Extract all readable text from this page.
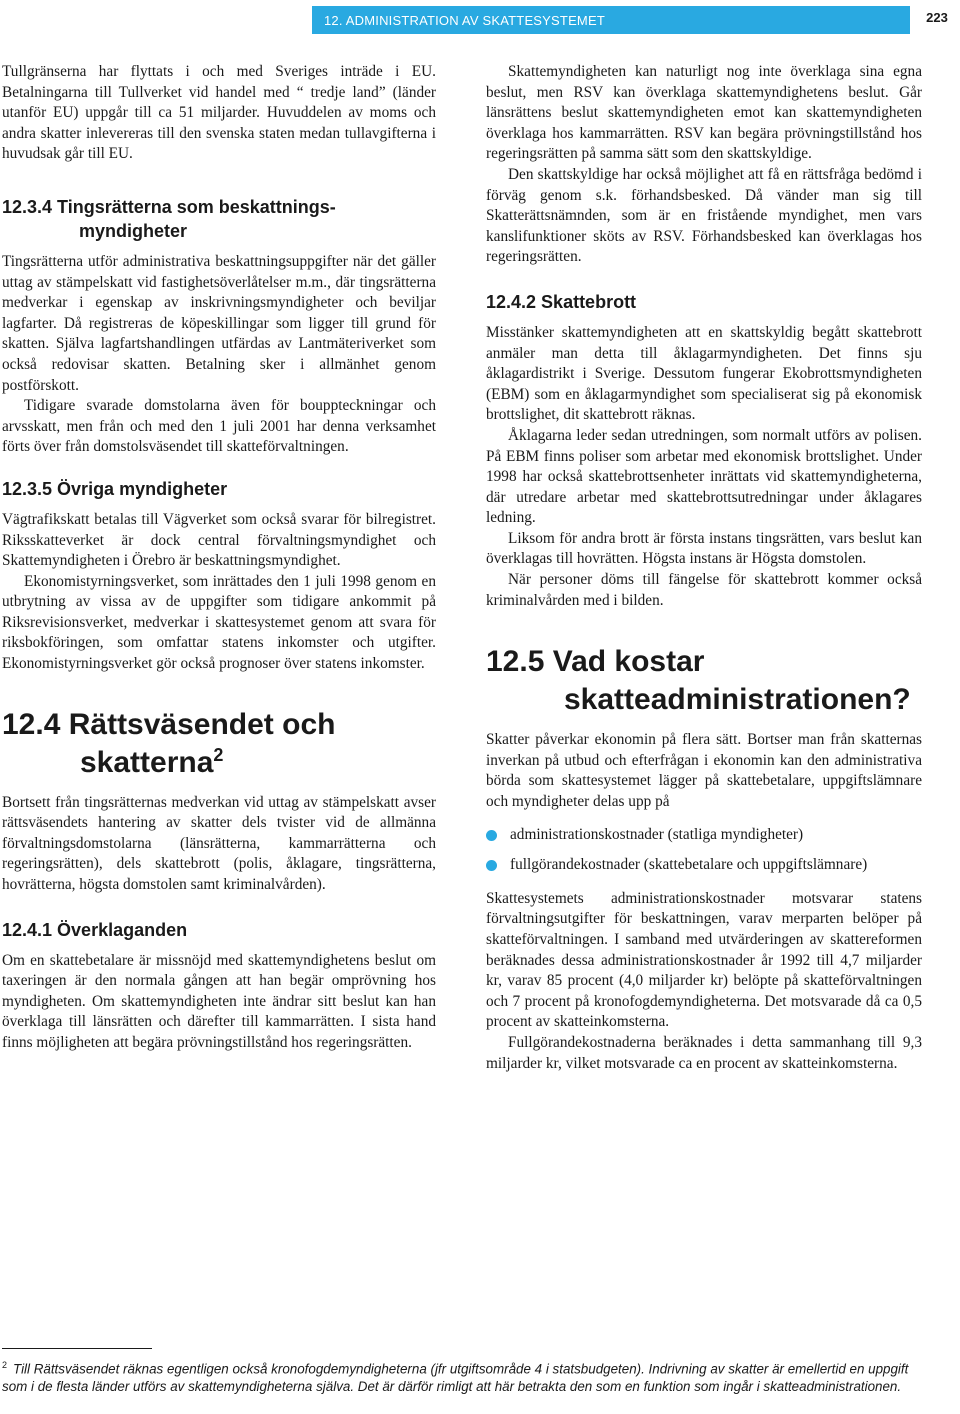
12. ADMINISTRATION AV SKATTESYSTEMET	223

Tullgränserna har flyttats i och med Sveriges inträde i EU. Betalningarna till Tullverket vid handel med “ tredje land” (länder utanför EU) uppgår till ca 51 miljarder. Huvuddelen av moms och andra skatter inlevereras till den svenska staten medan tullavgifterna i huvudsak går till EU.

12.3.4 Tingsrätterna som beskattnings-myndigheter

Tingsrätterna utför administrativa beskattningsuppgifter när det gäller uttag av stämpelskatt vid fastighetsöverlåtelser m.m., där tingsrätterna medverkar i egenskap av inskrivningsmyndigheter och beviljar lagfarter. Då registreras de köpeskillingar som ligger till grund för skatten. Själva lagfartshandlingen utfärdas av Lantmäteriverket som också redovisar skatten. Betalning sker i allmänhet genom postförskott.

Tidigare svarade domstolarna även för bouppteckningar och arvsskatt, men från och med den 1 juli 2001 har denna verksamhet förts över från domstolsväsendet till skatteförvaltningen.

12.3.5 Övriga myndigheter

Vägtrafikskatt betalas till Vägverket som också svarar för bilregistret. Riksskatteverket är dock central förvaltningsmyndighet och Skattemyndigheten i Örebro är beskattningsmyndighet.

Ekonomistyrningsverket, som inrättades den 1 juli 1998 genom en utbrytning av vissa av de uppgifter som tidigare ankommit på Riksrevisionsverket, medverkar i skattesystemet genom att svara för riksbokföringen, som omfattar statens inkomster och utgifter. Ekonomistyrningsverket gör också prognoser över statens inkomster.

12.4 Rättsväsendet och skatterna$^2$

Bortsett från tingsrätternas medverkan vid uttag av stämpelskatt avser rättsväsendets hantering av skatter dels tvister vid de allmänna förvaltningsdomstolarna (länsrätterna, kammarrätterna och regeringsrätten), dels skattebrott (polis, åklagare, tingsrätterna, hovrätterna, högsta domstolen samt kriminalvården).

12.4.1 Överklaganden

Om en skattebetalare är missnöjd med skattemyndighetens beslut om taxeringen är den normala gången att han begär omprövning hos myndigheten. Om skattemyndigheten inte ändrar sitt beslut kan han överklaga till länsrätten och därefter till kammarrätten. I sista hand finns möjligheten att begära prövningstillstånd hos regeringsrätten.

Skattemyndigheten kan naturligt nog inte överklaga sina egna beslut, men RSV kan överklaga skattemyndighetens beslut. Går länsrättens beslut skattemyndigheten emot kan skattemyndigheten överklaga hos kammarrätten. RSV kan begära prövningstillstånd hos regeringsrätten på samma sätt som den skattskyldige.

Den skattskyldige har också möjlighet att få en rättsfråga bedömd i förväg genom s.k. förhandsbesked. Då vänder man sig till Skatterättsnämnden, som är en fristående myndighet, men vars kanslifunktioner sköts av RSV. Förhandsbesked kan överklagas hos regeringsrätten.

12.4.2 Skattebrott

Misstänker skattemyndigheten att en skattskyldig begått skattebrott anmäler man detta till åklagarmyndigheten. Det finns sju åklagardistrikt i Sverige. Dessutom fungerar Ekobrottsmyndigheten (EBM) som en åklagarmyndighet som specialiserat sig på ekonomisk brottslighet, dit skattebrott räknas.

Åklagarna leder sedan utredningen, som normalt utförs av polisen. På EBM finns poliser som arbetar med ekonomisk brottslighet. Under 1998 har också skattebrottsenheter inrättats vid skattemyndigheterna, där utredare arbetar med skattebrottsutredningar under åklagares ledning.

Liksom för andra brott är första instans tingsrätten, vars beslut kan överklagas till hovrätten. Högsta instans är Högsta domstolen.

När personer döms till fängelse för skattebrott kommer också kriminalvården med i bilden.

12.5 Vad kostar skatteadministrationen?

Skatter påverkar ekonomin på flera sätt. Bortser man från skatternas inverkan på utbud och efterfrågan i ekonomin kan den administrativa börda som skattesystemet lägger på skattebetalare, uppgiftslämnare och myndigheter delas upp på

administrationskostnader (statliga myndigheter)
fullgörandekostnader (skattebetalare och uppgiftslämnare)

Skattesystemets administrationskostnader motsvarar statens förvaltningsutgifter för beskattningen, varav merparten belöper på skatteförvaltningen. I samband med utvärderingen av skattereformen beräknades dessa administrationskostnader år 1992 till 4,7 miljarder kr, varav 85 procent (4,0 miljarder kr) belöpte på skatteförvaltningen och 7 procent på kronofogdemyndigheterna. Det motsvarade då ca 0,5 procent av skatteinkomsterna.

Fullgörandekostnaderna beräknades i detta sammanhang till 9,3 miljarder kr, vilket motsvarade ca en procent av skatteinkomsterna.

$^2$ Till Rättsväsendet räknas egentligen också kronofogdemyndigheterna (jfr utgiftsområde 4 i statsbudgeten). Indrivning av skatter är emellertid en uppgift som i de flesta länder utförs av skattemyndigheterna själva. Det är därför rimligt att här betrakta den som en funktion som ingår i skatteadministrationen.
